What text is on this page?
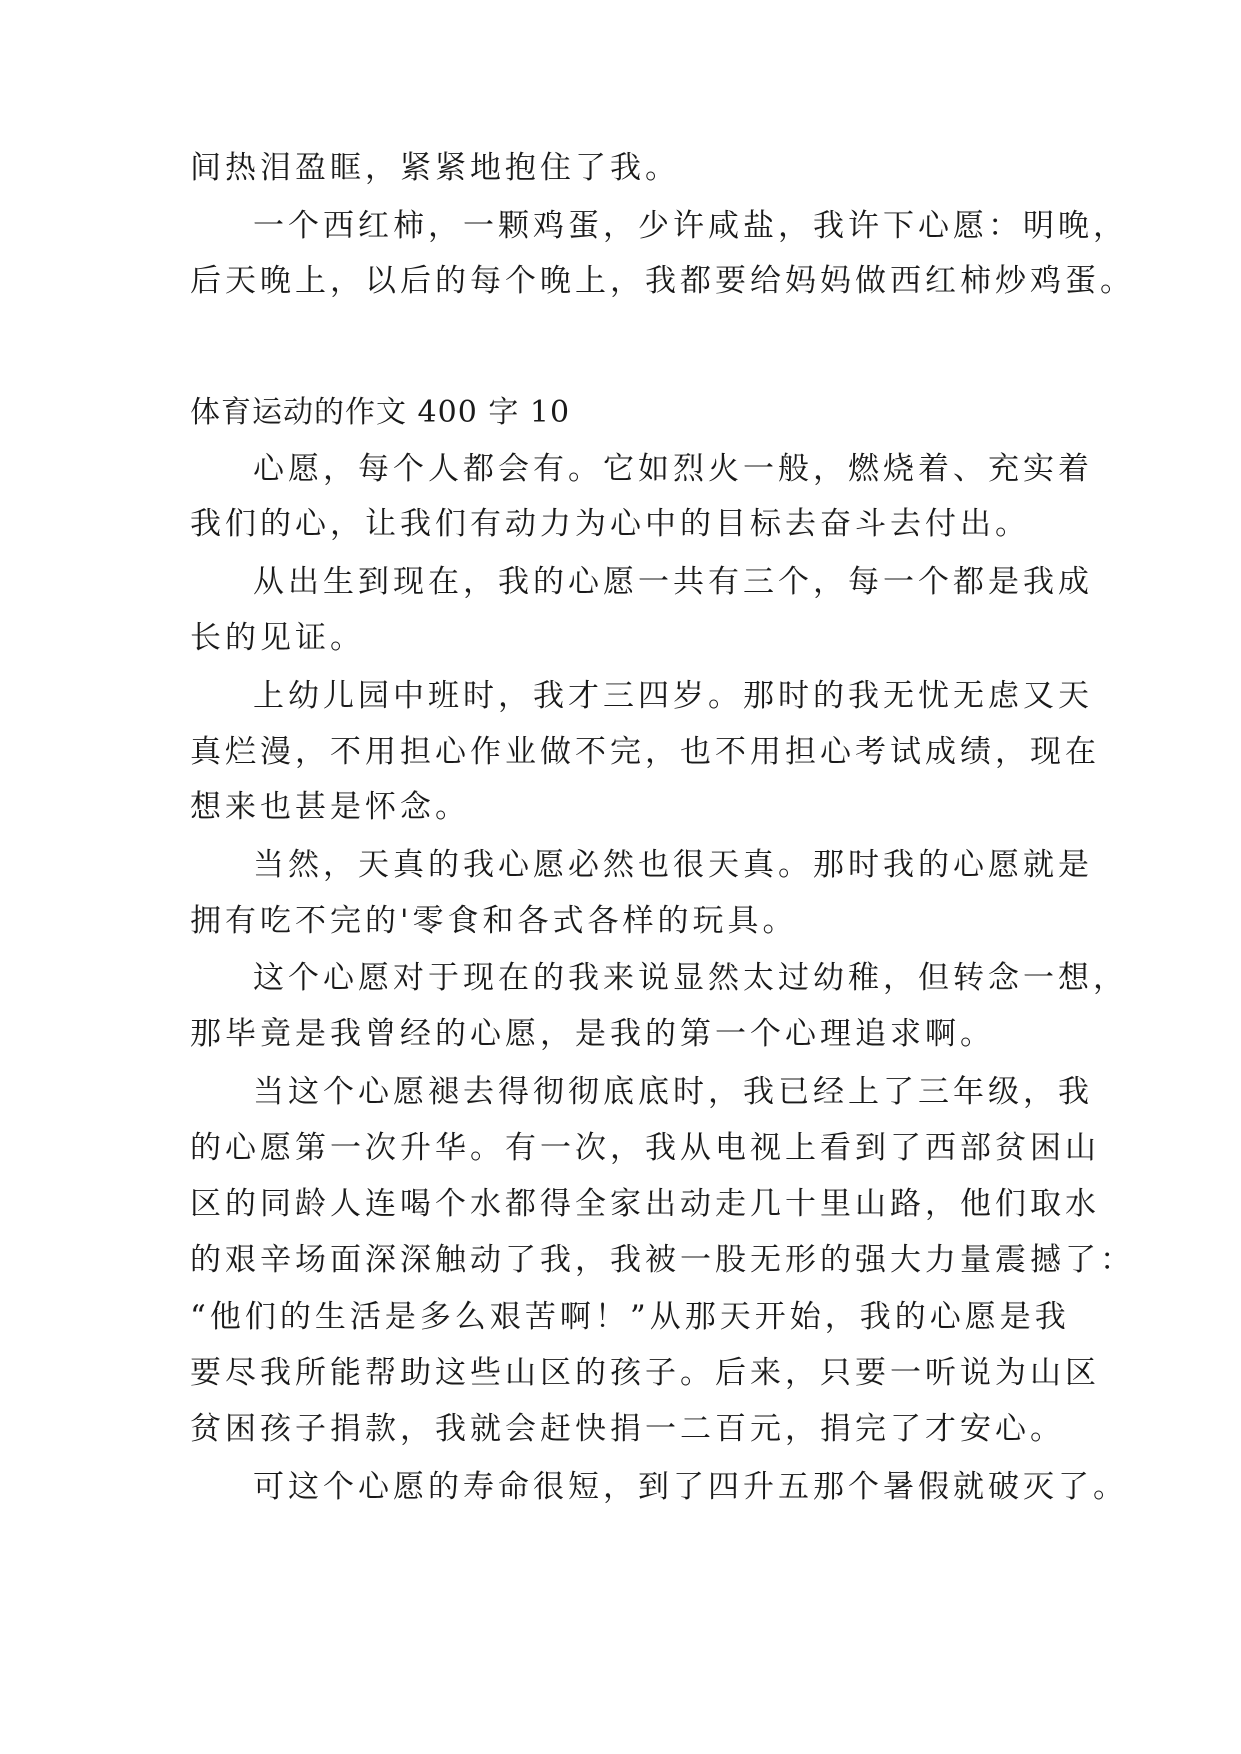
间热泪盈眶，紧紧地抱住了我。
一个西红柿，一颗鸡蛋，少许咸盐，我许下心愿：明晚，
后天晚上，以后的每个晚上，我都要给妈妈做西红柿炒鸡蛋。
体育运动的作文 400 字 10
心愿，每个人都会有。它如烈火一般，燃烧着、充实着
我们的心，让我们有动力为心中的目标去奋斗去付出。
从出生到现在，我的心愿一共有三个，每一个都是我成
长的见证。
上幼儿园中班时，我才三四岁。那时的我无忧无虑又天
真烂漫，不用担心作业做不完，也不用担心考试成绩，现在
想来也甚是怀念。
当然，天真的我心愿必然也很天真。那时我的心愿就是
拥有吃不完的'零食和各式各样的玩具。
这个心愿对于现在的我来说显然太过幼稚，但转念一想，
那毕竟是我曾经的心愿，是我的第一个心理追求啊。
当这个心愿褪去得彻彻底底时，我已经上了三年级，我
的心愿第一次升华。有一次，我从电视上看到了西部贫困山
区的同龄人连喝个水都得全家出动走几十里山路，他们取水
的艰辛场面深深触动了我，我被一股无形的强大力量震撼了：
“他们的生活是多么艰苦啊！”从那天开始，我的心愿是我
要尽我所能帮助这些山区的孩子。后来，只要一听说为山区
贫困孩子捐款，我就会赶快捐一二百元，捐完了才安心。
可这个心愿的寿命很短，到了四升五那个暑假就破灭了。
